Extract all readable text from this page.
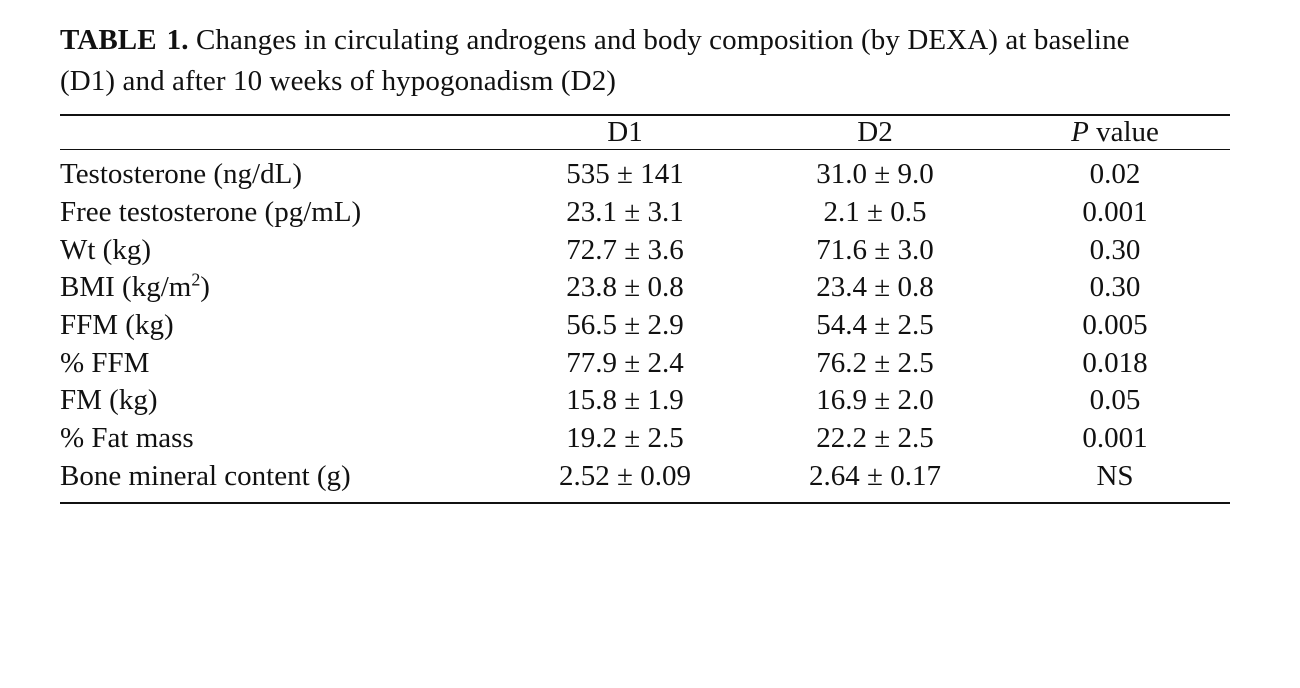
TABLE 1. Changes in circulating androgens and body composition (by DEXA) at baseline (D1) and after 10 weeks of hypogonadism (D2)

	D1	D2	P value

Testosterone (ng/dL)	535 ± 141	31.0 ± 9.0	0.02
Free testosterone (pg/mL)	23.1 ± 3.1	2.1 ± 0.5	0.001
Wt (kg)	72.7 ± 3.6	71.6 ± 3.0	0.30
BMI $(kg/m^2)$	23.8 ± 0.8	23.4 ± 0.8	0.30
FFM (kg)	56.5 ± 2.9	54.4 ± 2.5	0.005
% FFM	77.9 ± 2.4	76.2 ± 2.5	0.018
FM (kg)	15.8 ± 1.9	16.9 ± 2.0	0.05
% Fat mass	19.2 ± 2.5	22.2 ± 2.5	0.001
Bone mineral content (g)	2.52 ± 0.09	2.64 ± 0.17	NS
